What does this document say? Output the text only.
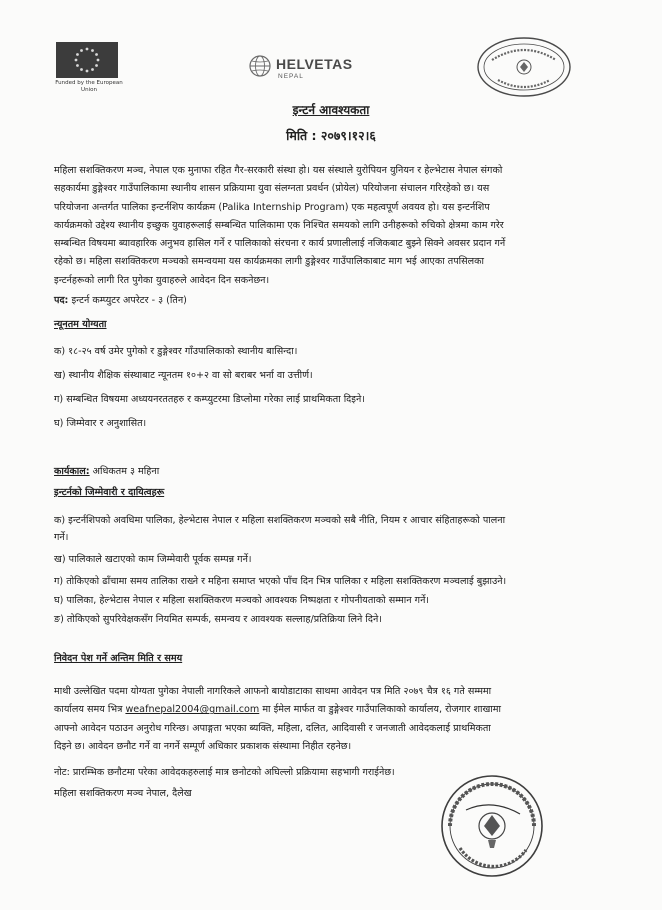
Funded by the European Union
HELVETAS
NEPAL
इन्टर्न आवश्यकता
मिति : २०७९।१२।६
महिला सशक्तिकरण मञ्च, नेपाल एक मुनाफा रहित गैर-सरकारी संस्था हो। यस संस्थाले युरोपियन युनियन र हेल्भेटास नेपाल संगको
सहकार्यमा डुङ्गेश्वर गाउँपालिकामा स्थानीय शासन प्रक्रियामा युवा संलग्नता प्रवर्धन (प्रोयेल) परियोजना संचालन गरिरहेको छ। यस
परियोजना अन्तर्गत पालिका इन्टर्नशिप कार्यक्रम (Palika Internship Program) एक महत्वपूर्ण अवयव हो। यस इन्टर्नशिप
कार्यक्रमको उद्देश्य स्थानीय इच्छुक युवाहरूलाई सम्बन्धित पालिकामा एक निश्चित समयको लागि उनीहरूको रुचिको क्षेत्रमा काम गरेर
सम्बन्धित विषयमा ब्यावहारिक अनुभव हासिल गर्ने र पालिकाको संरचना र कार्य प्रणालीलाई नजिकबाट बुझ्ने सिक्ने अवसर प्रदान गर्ने
रहेको छ। महिला सशक्तिकरण मञ्चको समन्वयमा यस कार्यक्रमका लागी डुङ्गेश्वर गाउँपालिकाबाट माग भई आएका तपसिलका
इन्टर्नहरूको लागी रित पुगेका युवाहरुले आवेदन दिन सकनेछन।
पद: इन्टर्न कम्प्युटर अपरेटर - ३ (तिन)
न्यूनतम योग्यता
क) १८-२५ वर्ष उमेर पुगेको र डुङ्गेश्वर गाँउपालिकाको स्थानीय बासिन्दा।
ख) स्थानीय शैक्षिक संस्थाबाट न्यूनतम १०+२ वा सो बराबर भर्ना वा उत्तीर्ण।
ग) सम्बन्धित विषयमा अध्ययनरततहरु र कम्प्युटरमा डिप्लोमा गरेका लाई प्राथमिकता दिइने।
घ) जिम्मेवार र अनुशासित।
कार्यकाल: अधिकतम ३ महिना
इन्टर्नको जिम्मेवारी र दायित्वहरू
क) इन्टर्नशिपको अवधिमा पालिका, हेल्भेटास नेपाल र महिला सशक्तिकरण मञ्चको सबै नीति, नियम र आचार संहिताहरूको पालना
गर्ने।
ख) पालिकाले खटाएको काम जिम्मेवारी पूर्वक सम्पन्न गर्ने।
ग) तोकिएको ढाँचामा समय तालिका राख्ने र महिना समाप्त भएको पाँच दिन भित्र पालिका र महिला सशक्तिकरण मञ्चलाई बुझाउने।
घ) पालिका, हेल्भेटास नेपाल र महिला सशक्तिकरण मञ्चको आवश्यक निष्पक्षता र गोपनीयताको सम्मान गर्ने।
ङ) तोकिएको सुपरिवेक्षकसँग नियमित सम्पर्क, समन्वय र आवश्यक सल्लाह/प्रतिक्रिया लिने दिने।
निवेदन पेश गर्ने अन्तिम मिति र समय
माथी उल्लेखित पदमा योग्यता पुगेका नेपाली नागरिकले आफनो बायोडाटाका साथमा आवेदन पत्र मिति २०७९ चैत्र १६ गते सम्ममा
कार्यालय समय भित्र weafnepal2004@gmail.com मा ईमेल मार्फत वा डुङ्गेश्वर गाउँपालिकाको कार्यालय, रोजगार शाखामा
आफ्नो आवेदन पठाउन अनुरोध गरिन्छ। अपाङ्गता भएका ब्यक्ति, महिला, दलित, आदिवासी र जनजाती आवेदकलाई प्राथमिकता
दिइने छ। आवेदन छनौट गर्ने वा नगर्ने सम्पूर्ण अधिकार प्रकाशक संस्थामा निहीत रहनेछ।
नोट: प्रारम्भिक छनौटमा परेका आवेदकहरुलाई मात्र छनोटको अघिल्लो प्रक्रियामा सहभागी गराईनेछ।
महिला सशक्तिकरण मञ्च नेपाल, दैलेख
